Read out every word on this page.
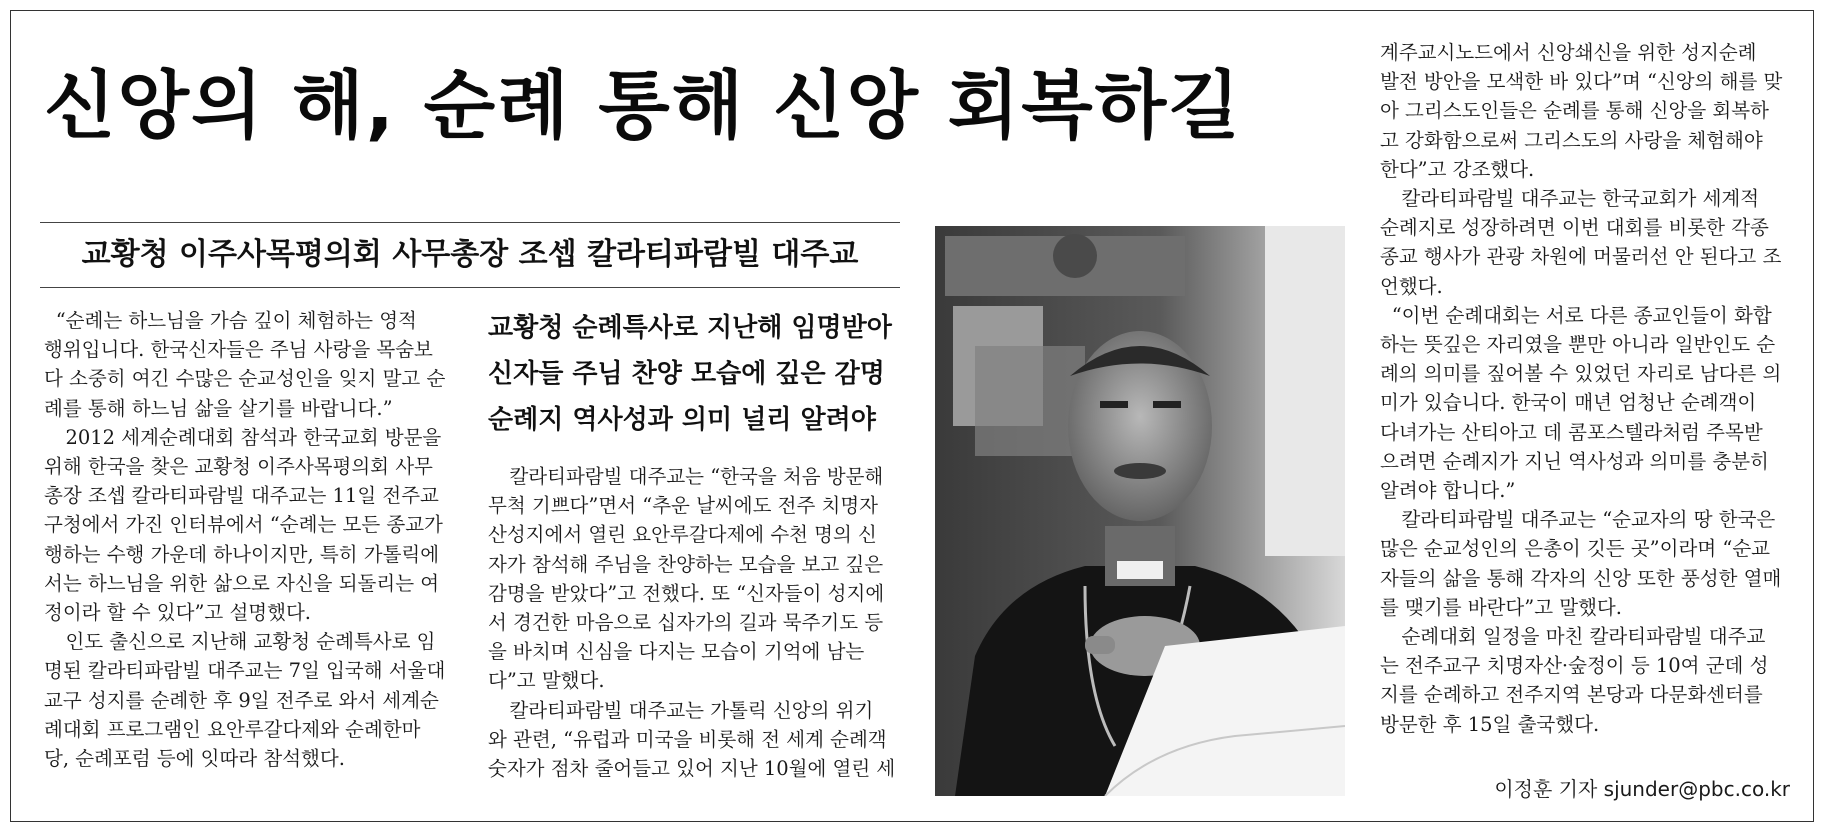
신앙의 해, 순례 통해 신앙 회복하길
교황청 이주사목평의회 사무총장 조셉 칼라티파람빌 대주교

“순례는 하느님을 가슴 깊이 체험하는 영적

행위입니다. 한국신자들은 주님 사랑을 목숨보

다 소중히 여긴 수많은 순교성인을 잊지 말고 순

례를 통해 하느님 삶을 살기를 바랍니다.”

2012 세계순례대회 참석과 한국교회 방문을

위해 한국을 찾은 교황청 이주사목평의회 사무

총장 조셉 칼라티파람빌 대주교는 11일 전주교

구청에서 가진 인터뷰에서 “순례는 모든 종교가

행하는 수행 가운데 하나이지만, 특히 가톨릭에

서는 하느님을 위한 삶으로 자신을 되돌리는 여

정이라 할 수 있다”고 설명했다.

인도 출신으로 지난해 교황청 순례특사로 임

명된 칼라티파람빌 대주교는 7일 입국해 서울대

교구 성지를 순례한 후 9일 전주로 와서 세계순

례대회 프로그램인 요안루갈다제와 순례한마

당, 순례포럼 등에 잇따라 참석했다.

교황청 순례특사로 지난해 임명받아
신자들 주님 찬양 모습에 깊은 감명
순례지 역사성과 의미 널리 알려야

칼라티파람빌 대주교는 “한국을 처음 방문해

무척 기쁘다”면서 “추운 날씨에도 전주 치명자

산성지에서 열린 요안루갈다제에 수천 명의 신

자가 참석해 주님을 찬양하는 모습을 보고 깊은

감명을 받았다”고 전했다. 또 “신자들이 성지에

서 경건한 마음으로 십자가의 길과 묵주기도 등

을 바치며 신심을 다지는 모습이 기억에 남는

다”고 말했다.

칼라티파람빌 대주교는 가톨릭 신앙의 위기

와 관련, “유럽과 미국을 비롯해 전 세계 순례객

숫자가 점차 줄어들고 있어 지난 10월에 열린 세

계주교시노드에서 신앙쇄신을 위한 성지순례

발전 방안을 모색한 바 있다”며 “신앙의 해를 맞

아 그리스도인들은 순례를 통해 신앙을 회복하

고 강화함으로써 그리스도의 사랑을 체험해야

한다”고 강조했다.

칼라티파람빌 대주교는 한국교회가 세계적

순례지로 성장하려면 이번 대회를 비롯한 각종

종교 행사가 관광 차원에 머물러선 안 된다고 조

언했다.

“이번 순례대회는 서로 다른 종교인들이 화합

하는 뜻깊은 자리였을 뿐만 아니라 일반인도 순

례의 의미를 짚어볼 수 있었던 자리로 남다른 의

미가 있습니다. 한국이 매년 엄청난 순례객이

다녀가는 산티아고 데 콤포스텔라처럼 주목받

으려면 순례지가 지닌 역사성과 의미를 충분히

알려야 합니다.”

칼라티파람빌 대주교는 “순교자의 땅 한국은

많은 순교성인의 은총이 깃든 곳”이라며 “순교

자들의 삶을 통해 각자의 신앙 또한 풍성한 열매

를 맺기를 바란다”고 말했다.

순례대회 일정을 마친 칼라티파람빌 대주교

는 전주교구 치명자산·숲정이 등 10여 군데 성

지를 순례하고 전주지역 본당과 다문화센터를

방문한 후 15일 출국했다.

이정훈 기자 sjunder@pbc.co.kr
